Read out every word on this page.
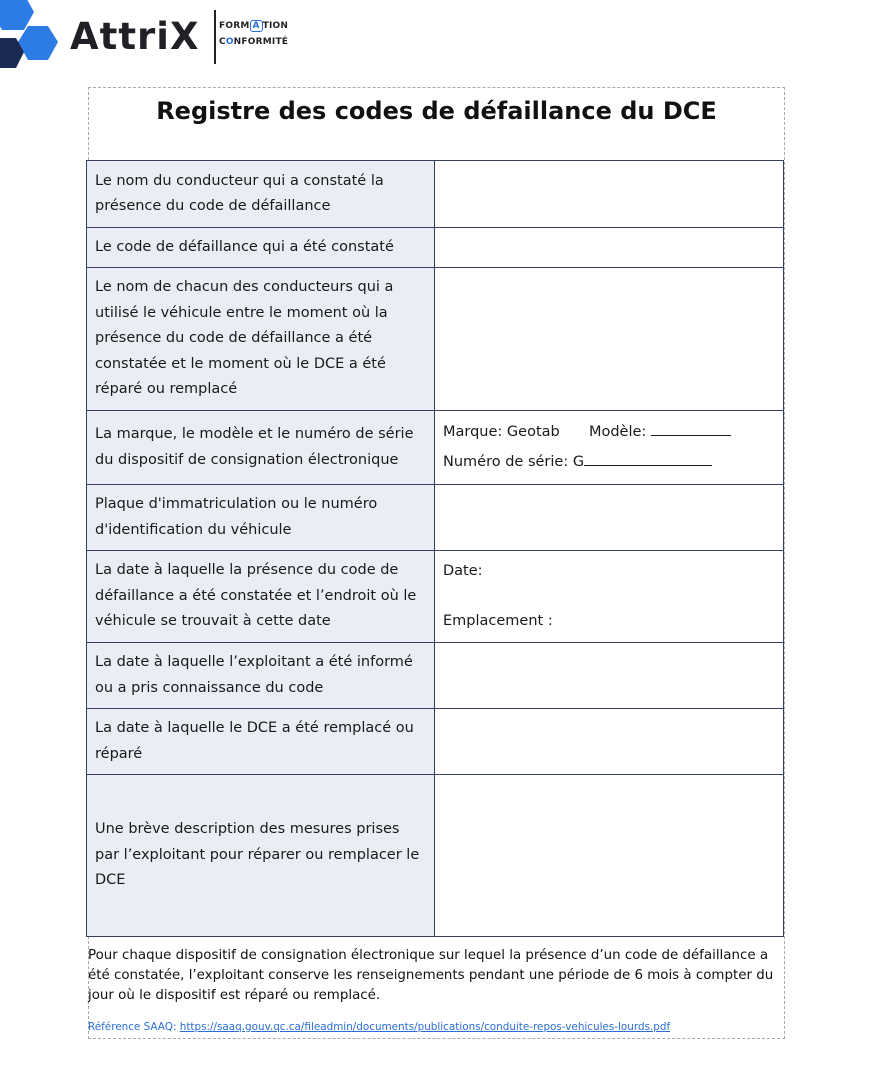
AttriX FORM A TION
CONFORMITÉ
Registre des codes de défaillance du DCE
Le nom du conducteur qui a constaté la présence du code de défaillance	
Le code de défaillance qui a été constaté	
Le nom de chacun des conducteurs qui a utilisé le véhicule entre le moment où la présence du code de défaillance a été constatée et le moment où le DCE a été réparé ou remplacé	
La marque, le modèle et le numéro de série du dispositif de consignation électronique	Marque: Geotab Modèle:
Numéro de série: G

Plaque d'immatriculation ou le numéro d'identification du véhicule	
La date à laquelle la présence du code de défaillance a été constatée et l’endroit où le véhicule se trouvait à cette date	Date:
Emplacement :

La date à laquelle l’exploitant a été informé ou a pris connaissance du code	
La date à laquelle le DCE a été remplacé ou réparé	
Une brève description des mesures prises par l’exploitant pour réparer ou remplacer le DCE	

Pour chaque dispositif de consignation électronique sur lequel la présence d’un code de défaillance a été constatée, l’exploitant conserve les renseignements pendant une période de 6 mois à compter du jour où le dispositif est réparé ou remplacé.

Référence SAAQ: https://saaq.gouv.qc.ca/fileadmin/documents/publications/conduite-repos-vehicules-lourds.pdf
